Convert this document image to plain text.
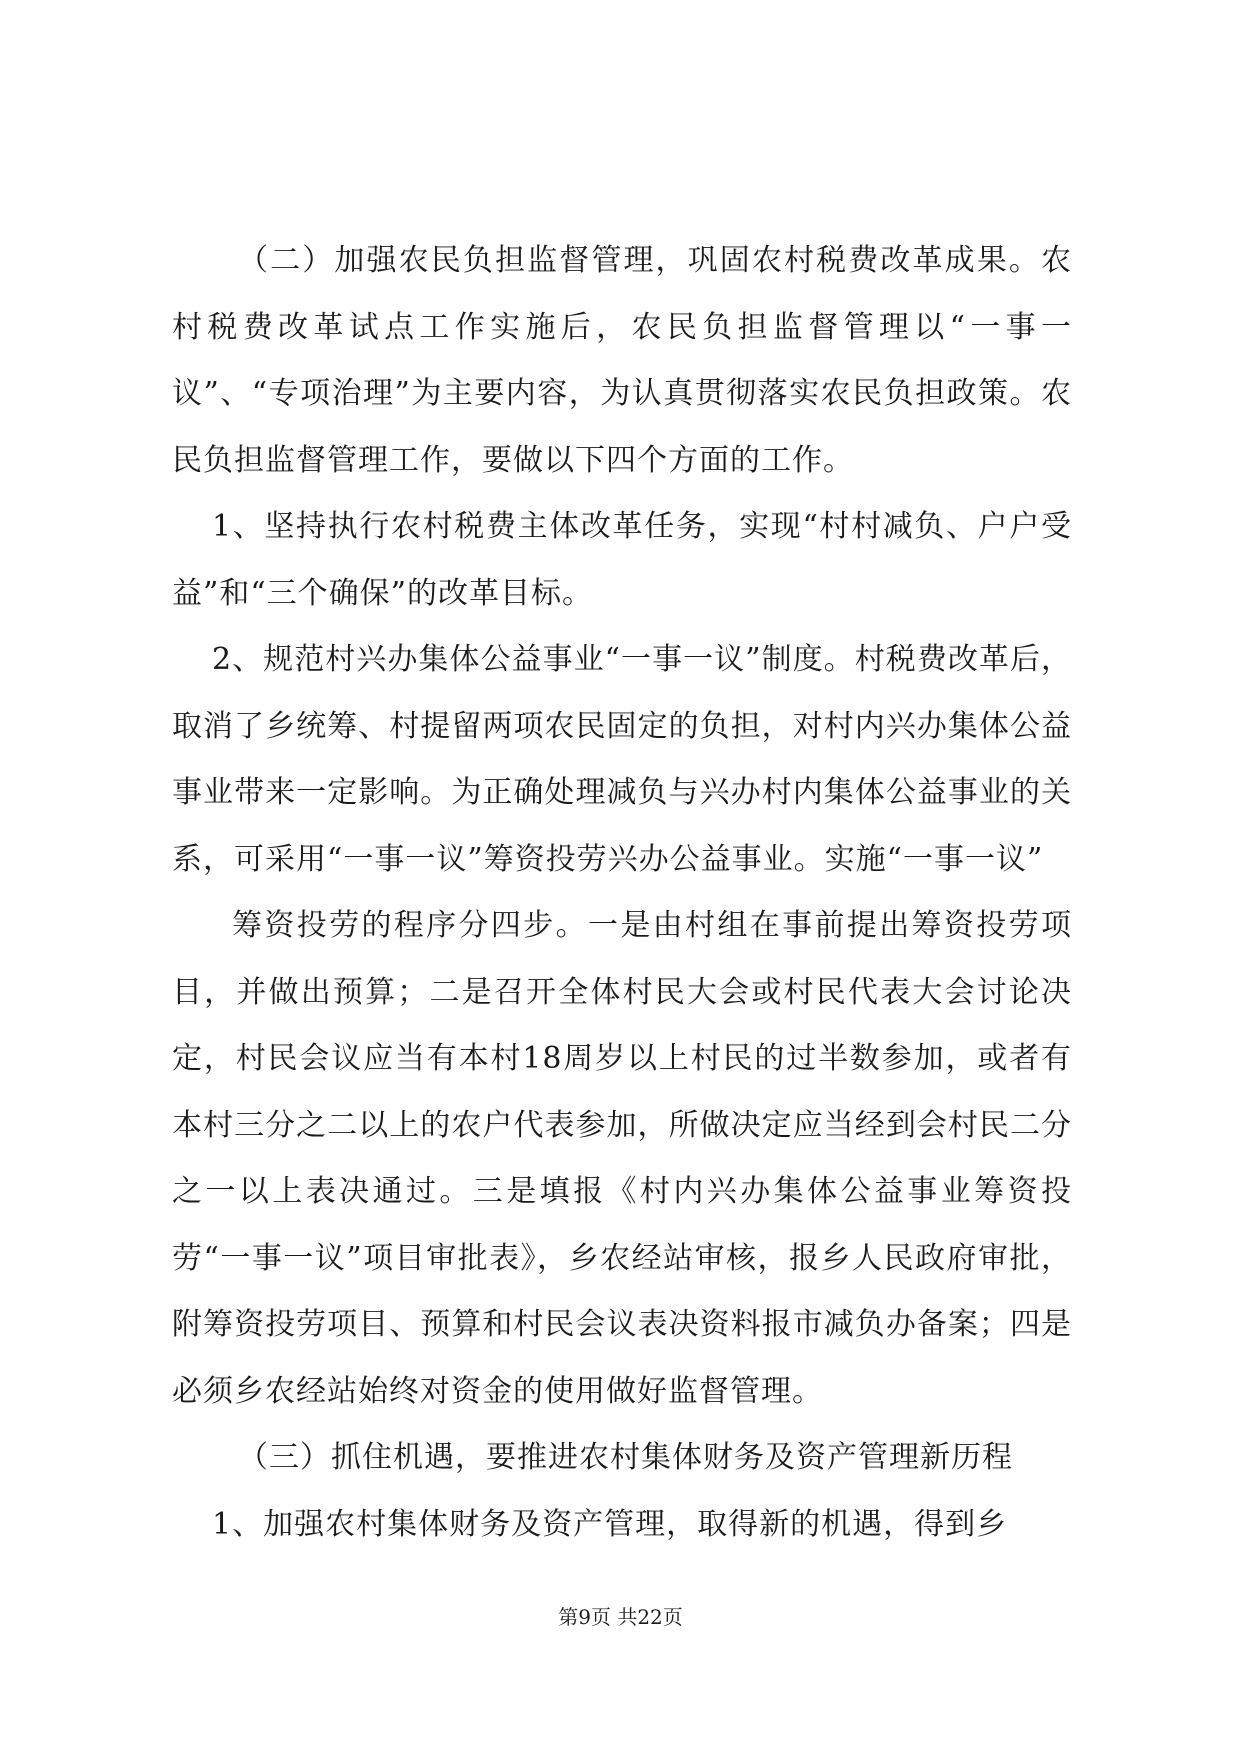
（二）加强农民负担监督管理，巩固农村税费改革成果。农村税费改革试点工作实施后，农民负担监督管理以“一事一议”、“专项治理”为主要内容，为认真贯彻落实农民负担政策。农民负担监督管理工作，要做以下四个方面的工作。

1、坚持执行农村税费主体改革任务，实现“村村减负、户户受益”和“三个确保”的改革目标。

2、规范村兴办集体公益事业“一事一议”制度。村税费改革后，取消了乡统筹、村提留两项农民固定的负担，对村内兴办集体公益事业带来一定影响。为正确处理减负与兴办村内集体公益事业的关系，可采用“一事一议”筹资投劳兴办公益事业。实施“一事一议”

筹资投劳的程序分四步。一是由村组在事前提出筹资投劳项目，并做出预算；二是召开全体村民大会或村民代表大会讨论决定，村民会议应当有本村18周岁以上村民的过半数参加，或者有本村三分之二以上的农户代表参加，所做决定应当经到会村民二分之一以上表决通过。三是填报《村内兴办集体公益事业筹资投劳“一事一议”项目审批表》，乡农经站审核，报乡人民政府审批，附筹资投劳项目、预算和村民会议表决资料报市减负办备案；四是必须乡农经站始终对资金的使用做好监督管理。

（三）抓住机遇，要推进农村集体财务及资产管理新历程

1、加强农村集体财务及资产管理，取得新的机遇，得到乡

第9页 共22页
